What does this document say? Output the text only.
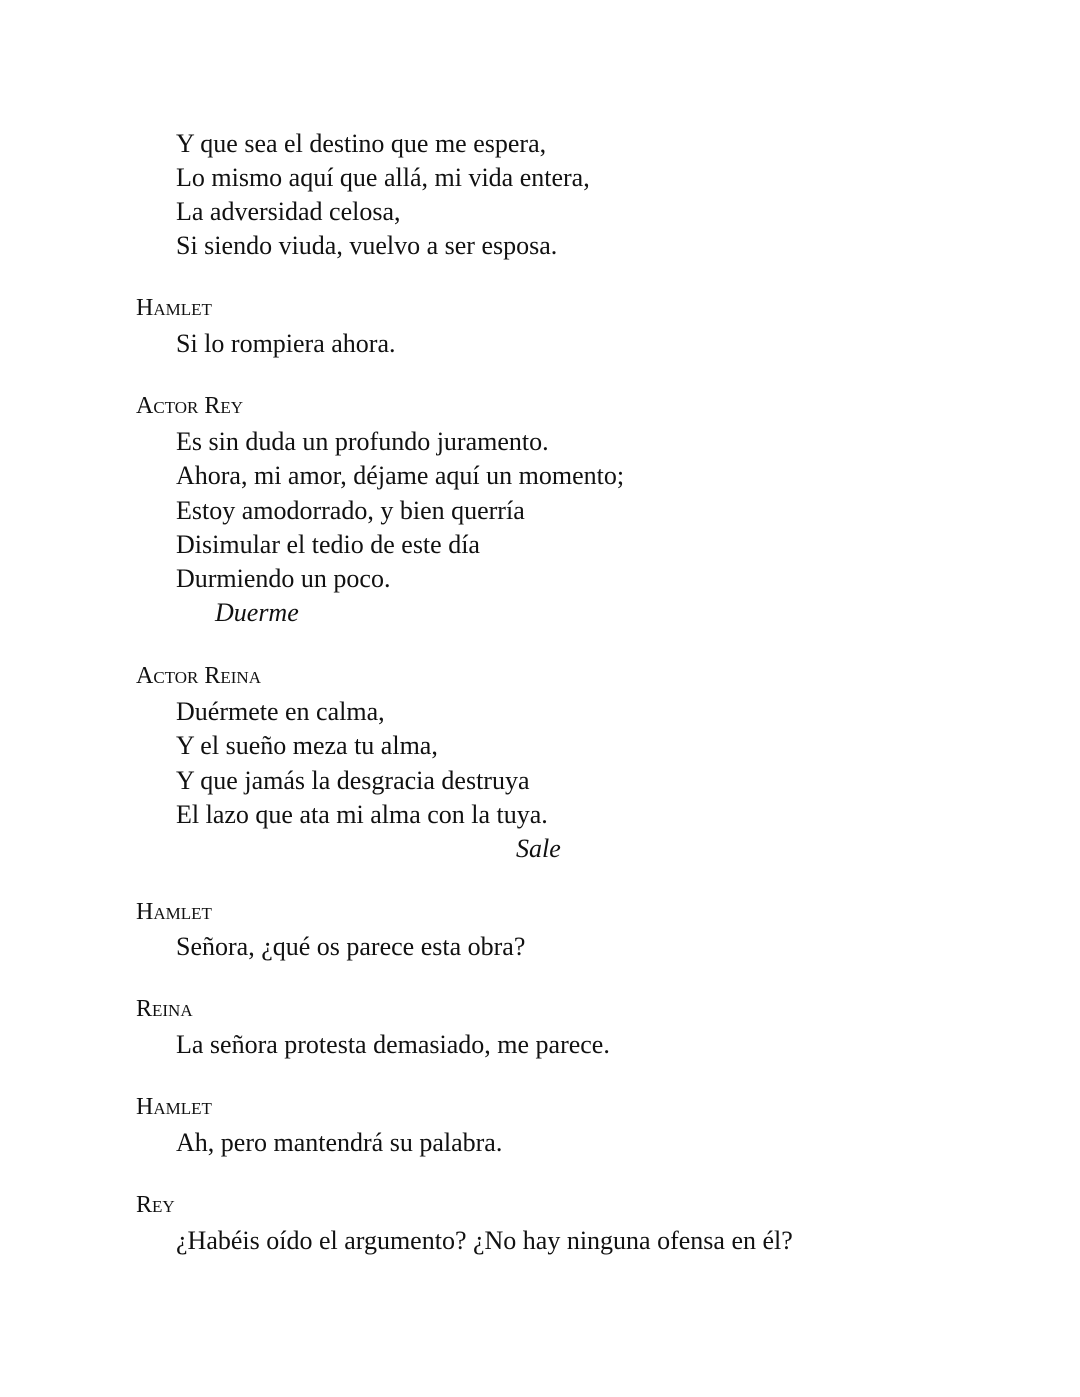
Y que sea el destino que me espera,
Lo mismo aquí que allá, mi vida entera,
La adversidad celosa,
Si siendo viuda, vuelvo a ser esposa.
Hamlet
Si lo rompiera ahora.
Actor Rey
Es sin duda un profundo juramento.
Ahora, mi amor, déjame aquí un momento;
Estoy amodorrado, y bien querría
Disimular el tedio de este día
Durmiendo un poco.
Duerme
Actor Reina
Duérmete en calma,
Y el sueño meza tu alma,
Y que jamás la desgracia destruya
El lazo que ata mi alma con la tuya.
Sale
Hamlet
Señora, ¿qué os parece esta obra?
Reina
La señora protesta demasiado, me parece.
Hamlet
Ah, pero mantendrá su palabra.
Rey
¿Habéis oído el argumento? ¿No hay ninguna ofensa en él?
